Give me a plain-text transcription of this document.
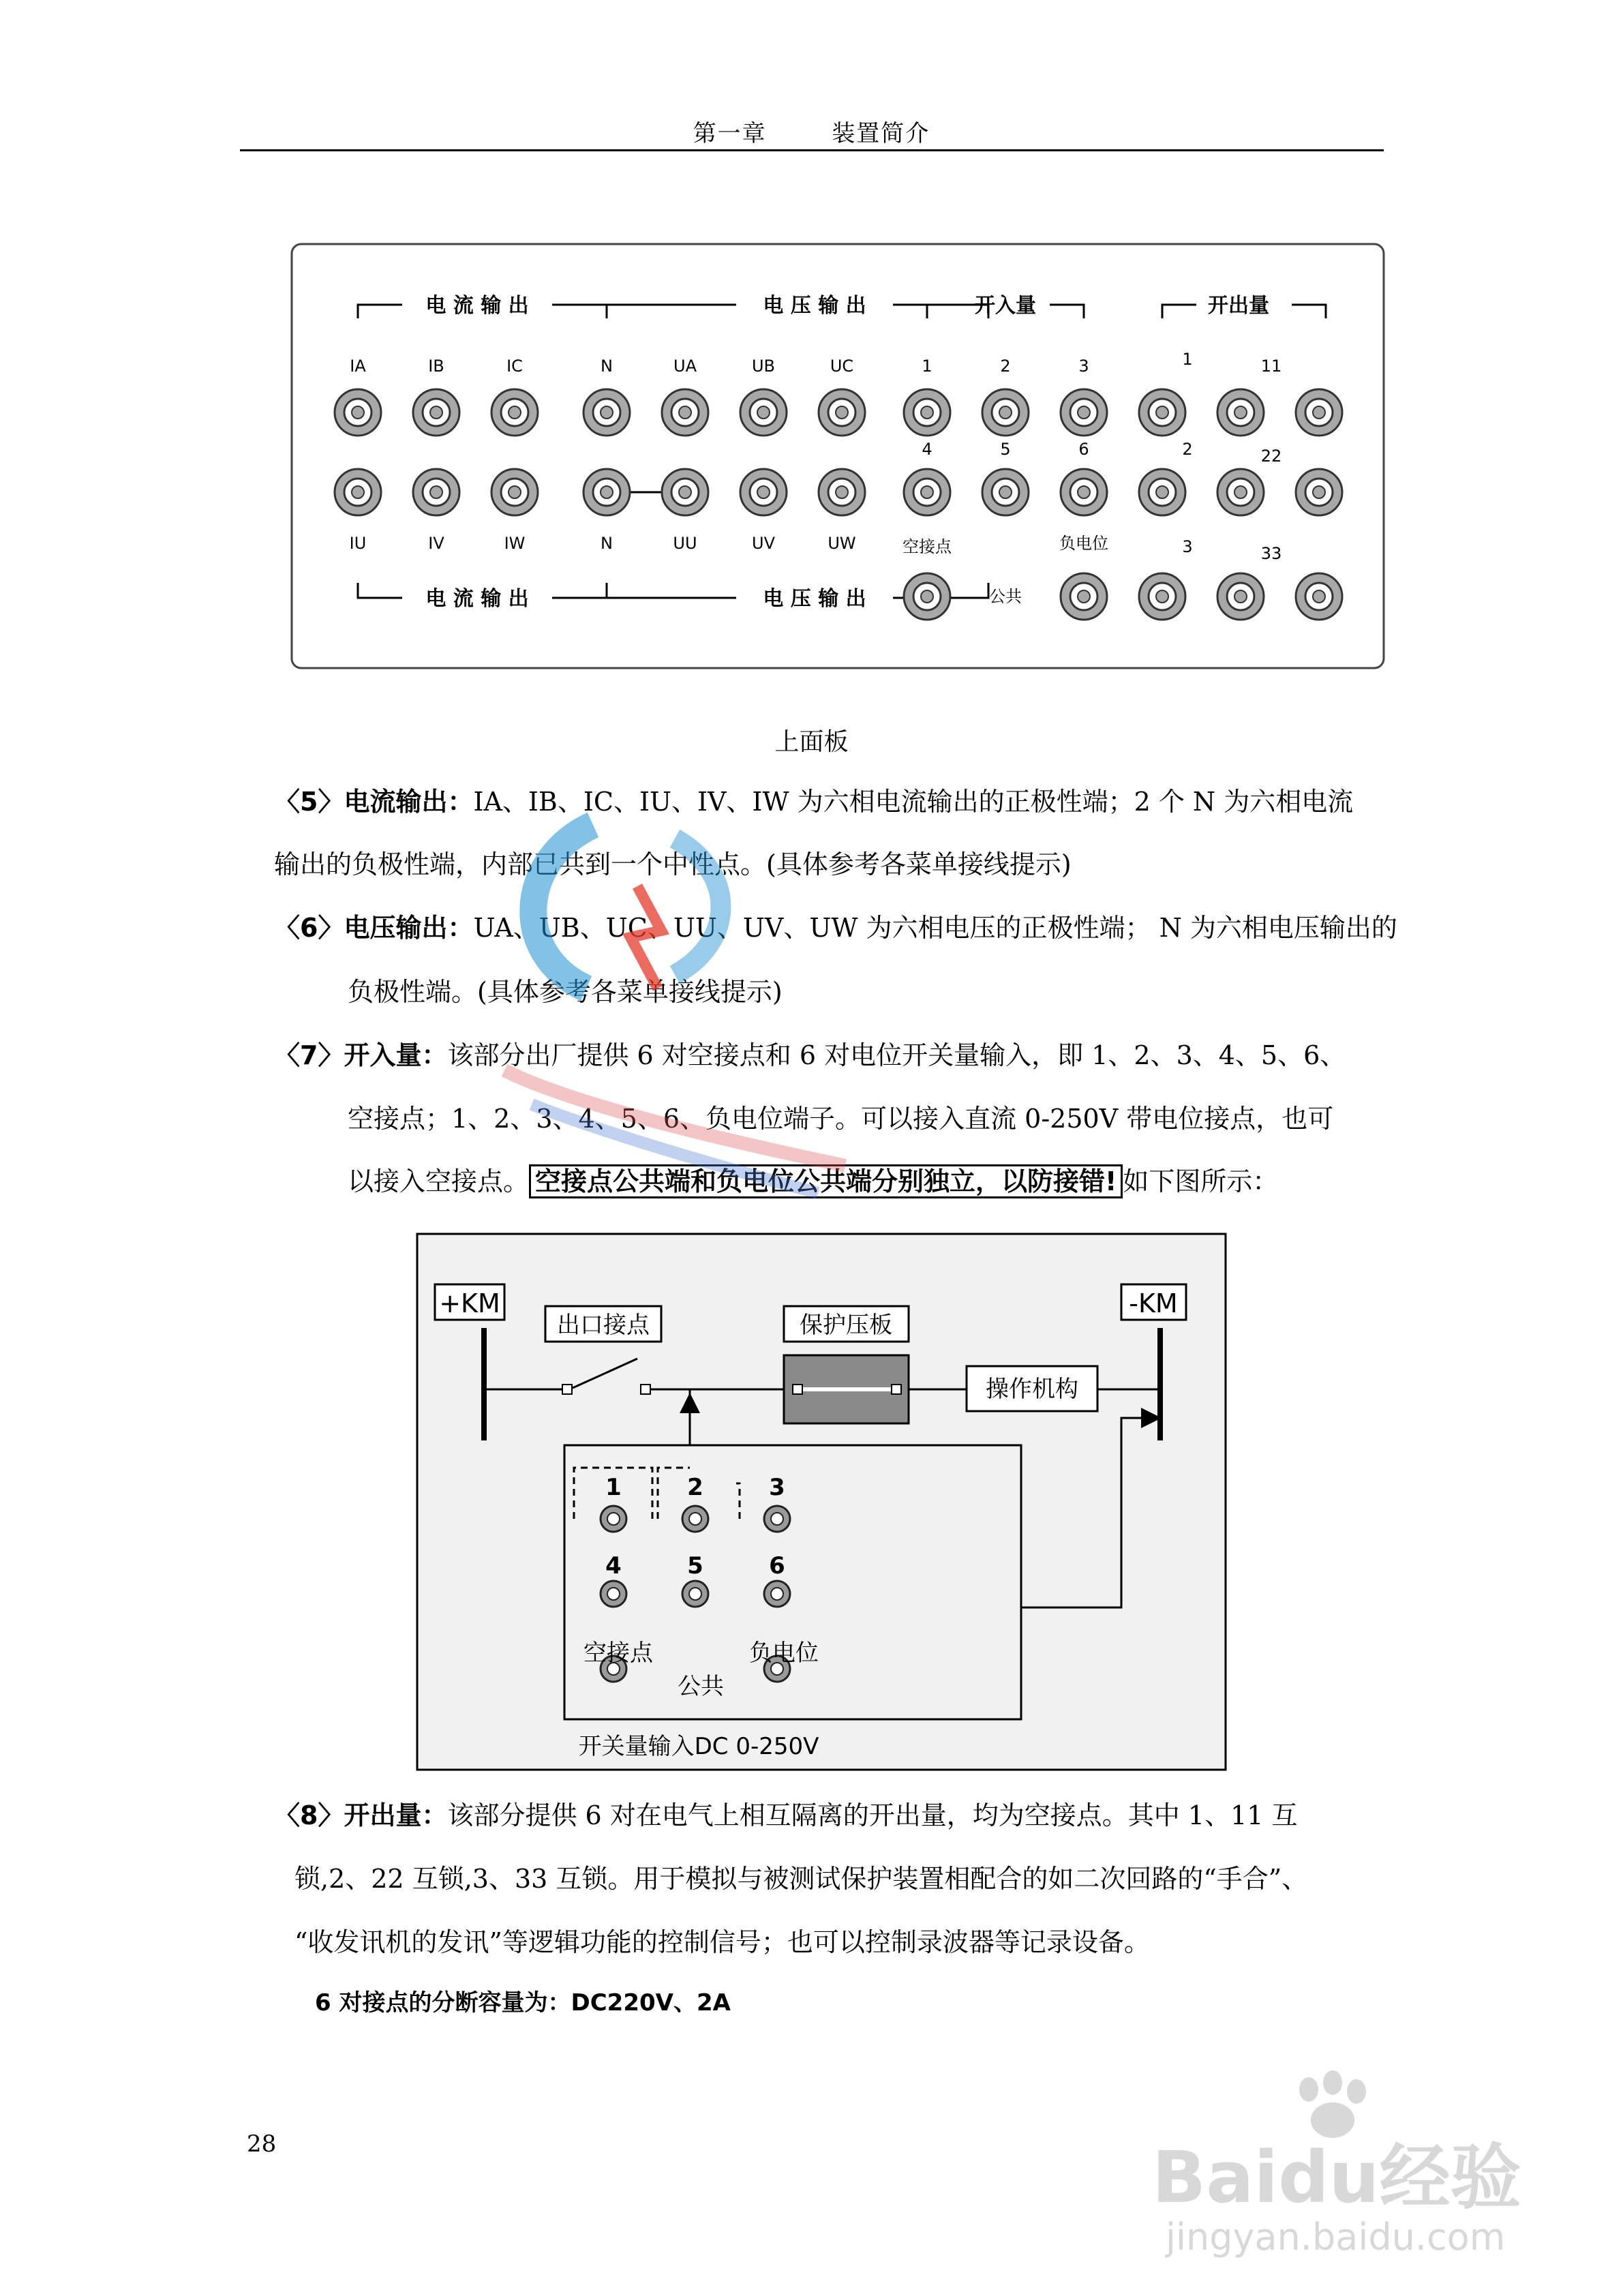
第一章	装置简介
电 流 输 出	电 压 输 出	开入量	开出量
电 流 输 出	电 压 输 出
IA
IU
IB
IV
IC
IW
N
N
UA
UU
UB
UV
UC
UW
1
4
2
5
3
6
空接点
公共
负电位
1	11
2	22
3	33
上面板
〈5〉电流输出：IA、IB、IC、IU、IV、IW 为六相电流输出的正极性端；2 个 N 为六相电流
输出的负极性端，内部已共到一个中性点。(具体参考各菜单接线提示)
〈6〉电压输出：UA、UB、UC、UU、UV、UW 为六相电压的正极性端； N 为六相电压输出的
负极性端。(具体参考各菜单接线提示)
〈7〉开入量：该部分出厂提供 6 对空接点和 6 对电位开关量输入，即 1、2、3、4、5、6、
空接点；1、2、3、4、5、6、负电位端子。可以接入直流 0-250V 带电位接点，也可
以接入空接点。 空接点公共端和负电位公共端分别独立，以防接错! 如下图所示：
+KM	-KM
出口接点	保护压板
操作机构
1
4
2
5
3
6
空接点	负电位
公共
开关量输入DC 0-250V
〈8〉开出量：该部分提供 6 对在电气上相互隔离的开出量，均为空接点。其中 1、11 互
锁,2、22 互锁,3、33 互锁。用于模拟与被测试保护装置相配合的如二次回路的“手合”、
“收发讯机的发讯”等逻辑功能的控制信号；也可以控制录波器等记录设备。
6 对接点的分断容量为：DC220V、2A
28	Baidu经验
jingyan.baidu.com
